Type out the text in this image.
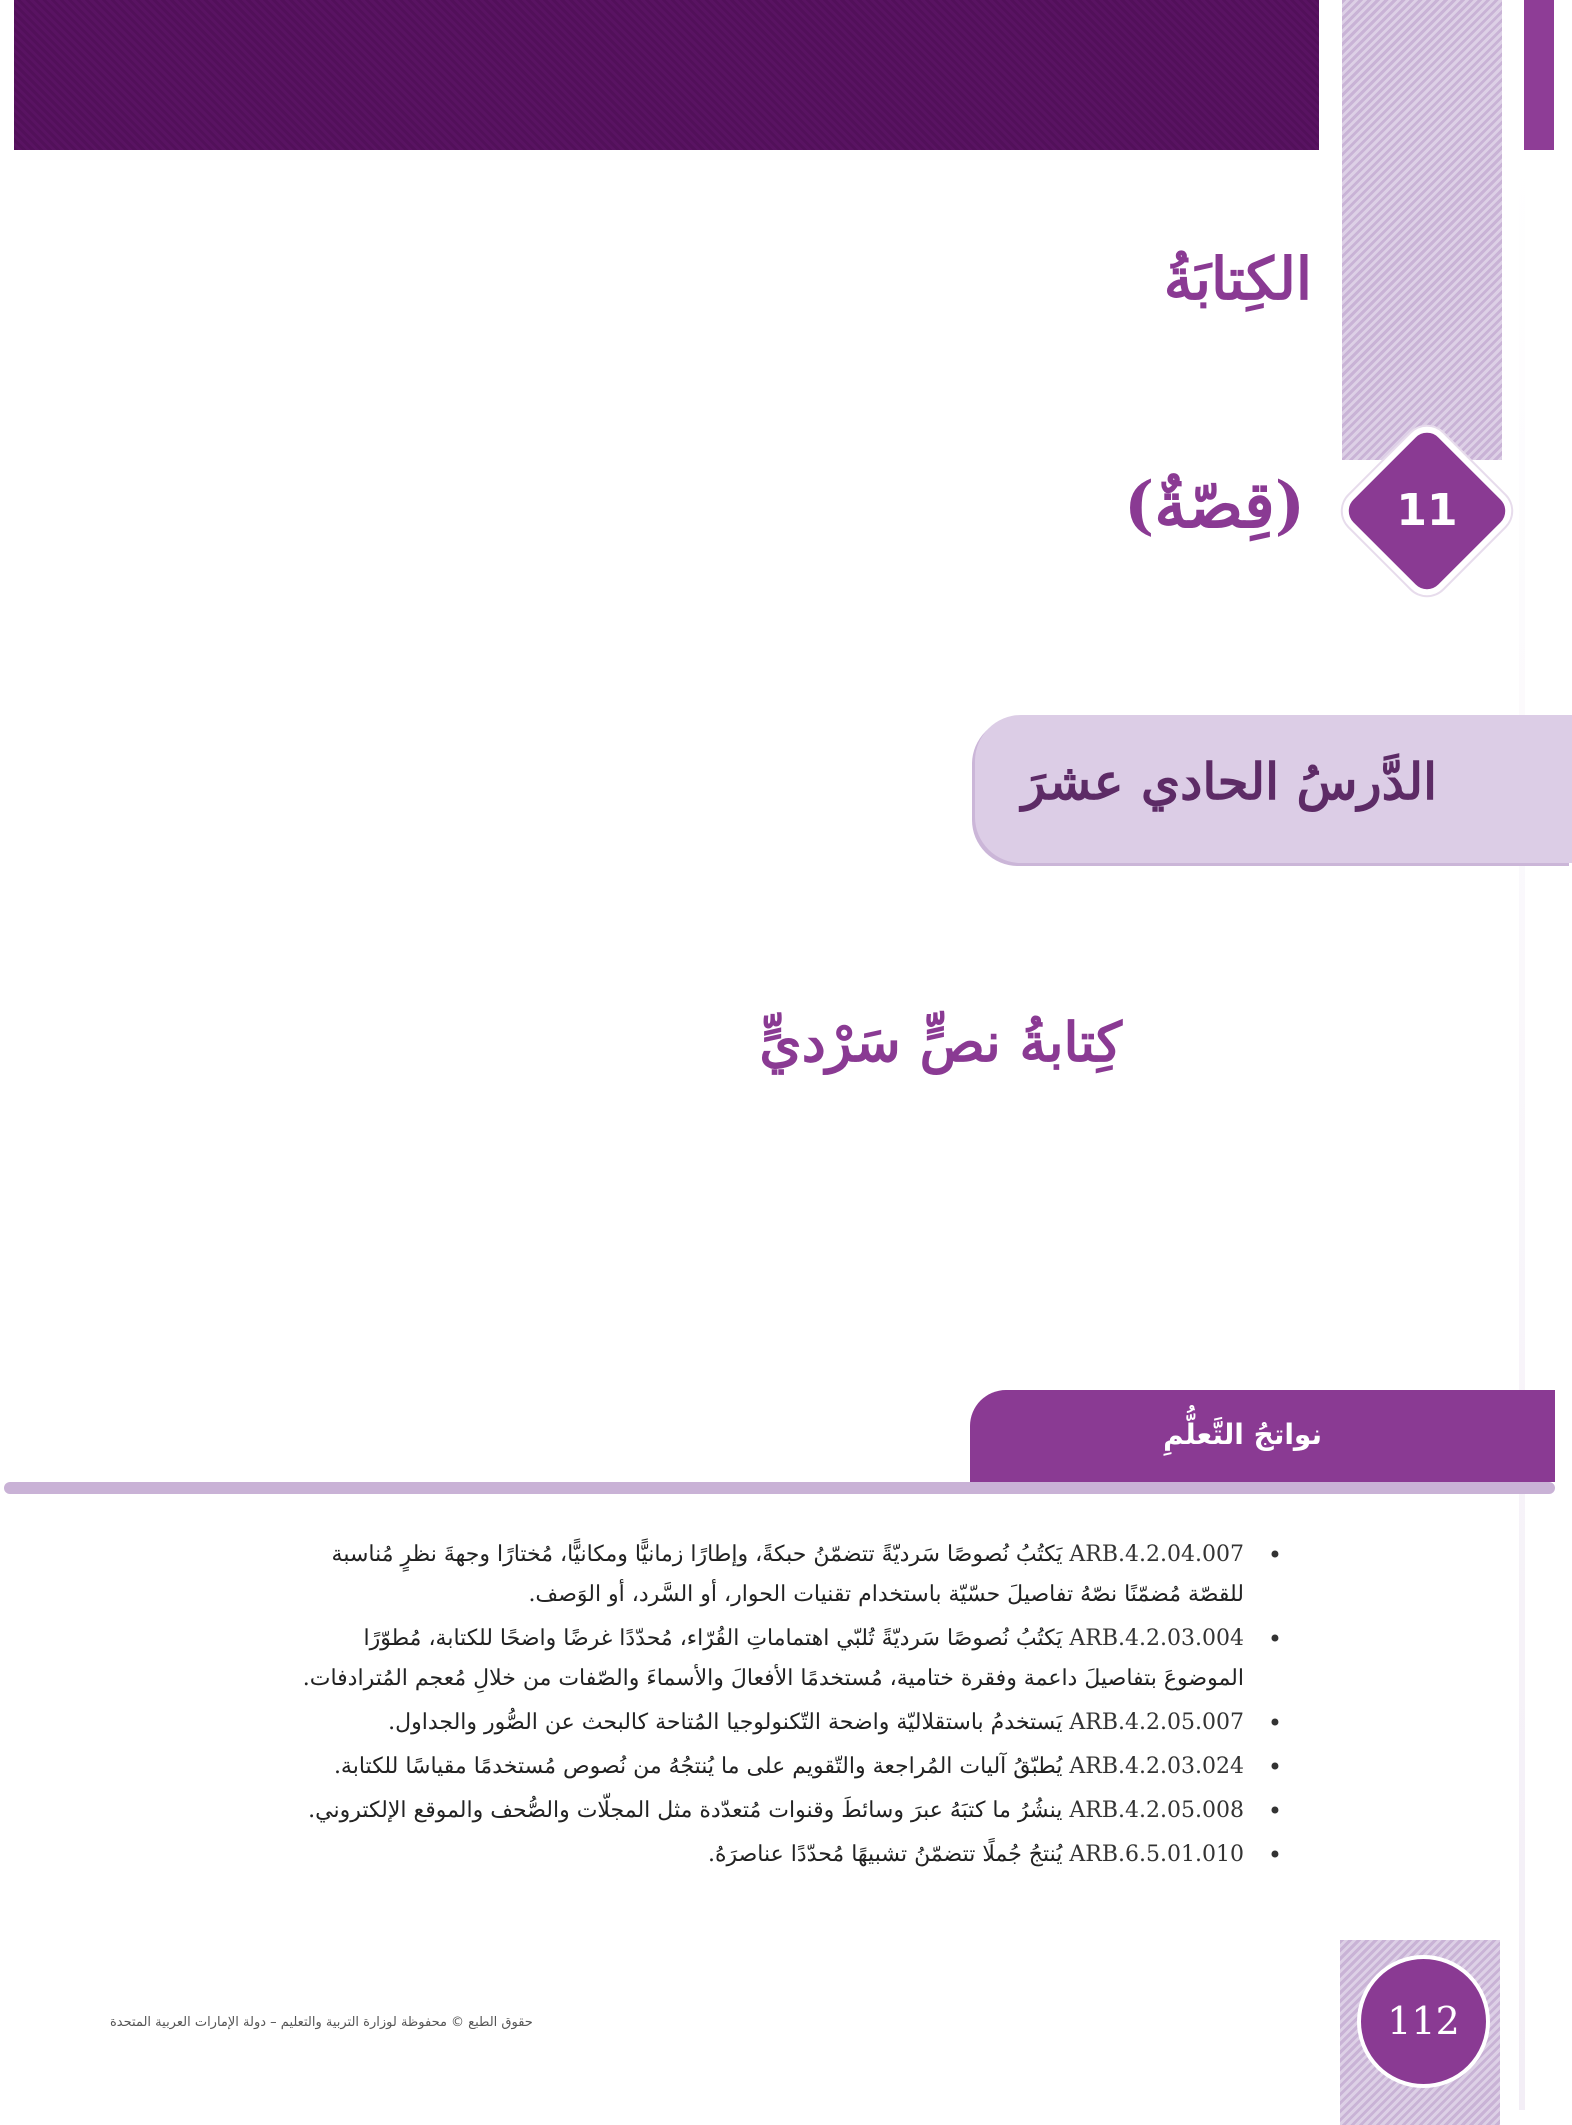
الكِتابَةُ
11
(قِصّةٌ)
الدَّرسُ الحادي عشرَ
كِتابةُ نصٍّ سَرْديٍّ
نواتجُ التَّعلُّمِ
•
ARB.4.2.04.007 يَكتُبُ نُصوصًا سَرديّةً تتضمّنُ حبكةً، وإطارًا زمانيًّا ومكانيًّا، مُختارًا وجهةَ نظرٍ مُناسبة للقصّة مُضمّنًا نصّهُ تفاصيلَ حسّيّة باستخدام تقنيات الحوار، أو السَّرد، أو الوَصف.
•
ARB.4.2.03.004 يَكتُبُ نُصوصًا سَرديّةً تُلبّي اهتماماتِ القُرّاء، مُحدّدًا غرضًا واضحًا للكتابة، مُطوّرًا الموضوعَ بتفاصيلَ داعمة وفقرة ختامية، مُستخدمًا الأفعالَ والأسماءَ والصّفات من خلالِ مُعجم المُترادفات.
•
ARB.4.2.05.007 يَستخدمُ باستقلاليّة واضحة التّكنولوجيا المُتاحة كالبحث عن الصُّور والجداول.
•
ARB.4.2.03.024 يُطبّقُ آليات المُراجعة والتّقويم على ما يُنتجُهُ من نُصوص مُستخدمًا مقياسًا للكتابة.
•
ARB.4.2.05.008 ينشُرُ ما كتبَهُ عبرَ وسائطَ وقنوات مُتعدّدة مثل المجلّات والصُّحف والموقع الإلكتروني.
•
ARB.6.5.01.010 يُنتجُ جُملًا تتضمّنُ تشبيهًا مُحدّدًا عناصرَهُ.
112

حقوق الطبع © محفوظة لوزارة التربية والتعليم – دولة الإمارات العربية المتحدة
